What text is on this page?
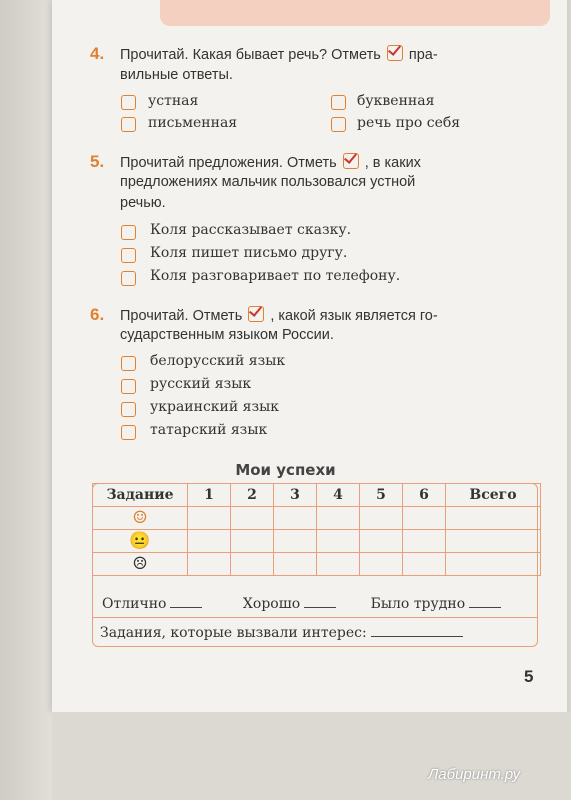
4. Прочитай. Какая бывает речь? Отметь пра-
вильные ответы.
устная	буквенная
письменная	речь про себя
5. Прочитай предложения. Отметь , в каких
предложениях мальчик пользовался устной
речью.
Коля рассказывает сказку.
Коля пишет письмо другу.
Коля разговаривает по телефону.
6. Прочитай. Отметь , какой язык является го-
сударственным языком России.
белорусский язык
русский язык
украинский язык
татарский язык
Мои успехи
Задание	1	2	3	4	5	6	Всего
☺							
😐							
☹							
Отлично	Хорошо	Было трудно
Задания, которые вызвали интерес:
5
Лабиринт.ру
